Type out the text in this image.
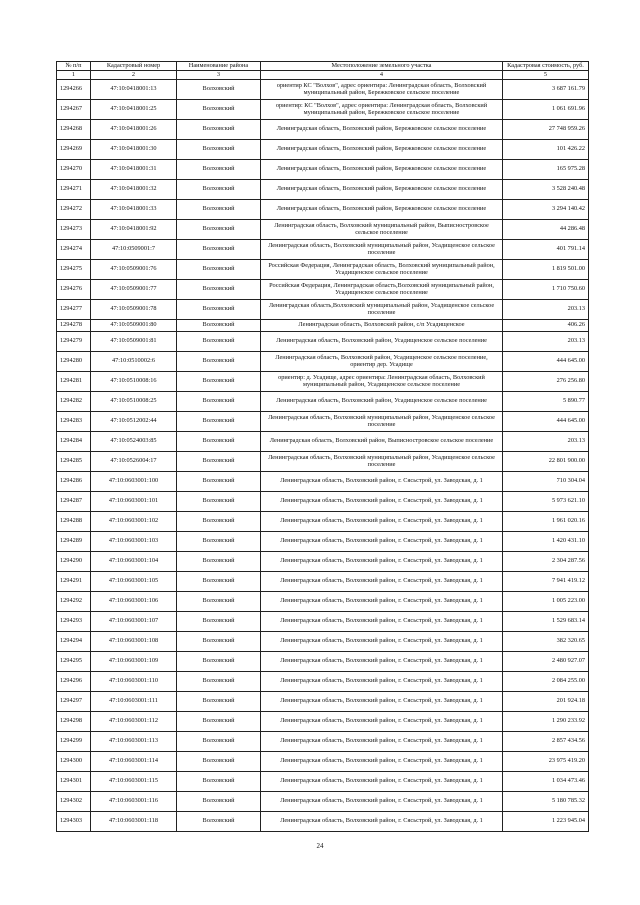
№ п/п	Кадастровый номер	Наименование района	Местоположение земельного участка	Кадастровая стоимость, руб.
1	2	3	4	5
1294266	47:10:0418001:13	Волховский	ориентир КС "Волхов", адрес ориентира: Ленинградская область, Волховский муниципальный район, Бережковское сельское поселение	3 687 161.79
1294267	47:10:0418001:25	Волховский	ориентир: КС "Волхов", адрес ориентира: Ленинградская область, Волховский муниципальный район, Бережковское сельское поселение	1 061 691.96
1294268	47:10:0418001:26	Волховский	Ленинградская область, Волховский район, Бережковское сельское поселение	27 748 959.26
1294269	47:10:0418001:30	Волховский	Ленинградская область, Волховский район, Бережковское сельское поселение	101 426.22
1294270	47:10:0418001:31	Волховский	Ленинградская область, Волховский район, Бережковское сельское поселение	165 975.28
1294271	47:10:0418001:32	Волховский	Ленинградская область, Волховский район, Бережковское сельское поселение	3 528 240.48
1294272	47:10:0418001:33	Волховский	Ленинградская область, Волховский район, Бережковское сельское поселение	3 294 140.42
1294273	47:10:0418001:92	Волховский	Ленинградская область, Волховский муниципальный район, Выписностровское сельское поселение	44 286.48
1294274	47:10:0509001:7	Волховский	Ленинградская область, Волховский муниципальный район, Усадищенское сельское поселение	401 791.14
1294275	47:10:0509001:76	Волховский	Российская Федерация, Ленинградская область, Волховский муниципальный район, Усадищенское сельское поселение	1 819 501.00
1294276	47:10:0509001:77	Волховский	Российская Федерация, Ленинградская область,Волховский муниципальный район, Усадищенское сельское поселение	1 710 750.60
1294277	47:10:0509001:78	Волховский	Ленинградская область,Волховский муниципальный район, Усадищенское сельское поселение	203.13
1294278	47:10:0509001:80	Волховский	Ленинградская область, Волховский район, с/п Усадищенское	406.26
1294279	47:10:0509001:81	Волховский	Ленинградская область, Волховский район, Усадищенское сельское поселение	203.13
1294280	47:10:0510002:6	Волховский	Ленинградская область, Волховский район, Усадищенское сельское поселение, ориентир дер. Усадище	444 645.00
1294281	47:10:0510008:16	Волховский	ориентир: д. Усадище, адрес ориентира: Ленинградская область, Волховский муниципальный район, Усадищенское сельское поселение	276 256.80
1294282	47:10:0510008:25	Волховский	Ленинградская область, Волховский район, Усадищенское сельское поселение	5 890.77
1294283	47:10:0512002:44	Волховский	Ленинградская область, Волховский муниципальный район, Усадищенское сельское поселение	444 645.00
1294284	47:10:0524003:85	Волховский	Ленинградская область, Волховский район, Выписностровское сельское поселение	203.13
1294285	47:10:0526004:17	Волховский	Ленинградская область, Волховский муниципальный район, Усадищенское сельское поселение	22 801 900.00
1294286	47:10:0603001:100	Волховский	Ленинградская область, Волховский район, г. Сясьстрой, ул. Заводская, д. 1	710 304.04
1294287	47:10:0603001:101	Волховский	Ленинградская область, Волховский район, г. Сясьстрой, ул. Заводская, д. 1	5 973 621.10
1294288	47:10:0603001:102	Волховский	Ленинградская область, Волховский район, г. Сясьстрой, ул. Заводская, д. 1	1 961 020.16
1294289	47:10:0603001:103	Волховский	Ленинградская область, Волховский район, г. Сясьстрой, ул. Заводская, д. 1	1 420 431.10
1294290	47:10:0603001:104	Волховский	Ленинградская область, Волховский район, г. Сясьстрой, ул. Заводская, д. 1	2 304 287.56
1294291	47:10:0603001:105	Волховский	Ленинградская область, Волховский район, г. Сясьстрой, ул. Заводская, д. 1	7 941 419.12
1294292	47:10:0603001:106	Волховский	Ленинградская область, Волховский район, г. Сясьстрой, ул. Заводская, д. 1	1 005 223.00
1294293	47:10:0603001:107	Волховский	Ленинградская область, Волховский район, г. Сясьстрой, ул. Заводская, д. 1	1 529 683.14
1294294	47:10:0603001:108	Волховский	Ленинградская область, Волховский район, г. Сясьстрой, ул. Заводская, д. 1	382 320.65
1294295	47:10:0603001:109	Волховский	Ленинградская область, Волховский район, г. Сясьстрой, ул. Заводская, д. 1	2 480 927.07
1294296	47:10:0603001:110	Волховский	Ленинградская область, Волховский район, г. Сясьстрой, ул. Заводская, д. 1	2 084 255.00
1294297	47:10:0603001:111	Волховский	Ленинградская область, Волховский район, г. Сясьстрой, ул. Заводская, д. 1	201 924.18
1294298	47:10:0603001:112	Волховский	Ленинградская область, Волховский район, г. Сясьстрой, ул. Заводская, д. 1	1 290 233.92
1294299	47:10:0603001:113	Волховский	Ленинградская область, Волховский район, г. Сясьстрой, ул. Заводская, д. 1	2 857 434.56
1294300	47:10:0603001:114	Волховский	Ленинградская область, Волховский район, г. Сясьстрой, ул. Заводская, д. 1	23 975 419.20
1294301	47:10:0603001:115	Волховский	Ленинградская область, Волховский район, г. Сясьстрой, ул. Заводская, д. 1	1 034 473.46
1294302	47:10:0603001:116	Волховский	Ленинградская область, Волховский район, г. Сясьстрой, ул. Заводская, д. 1	5 180 785.32
1294303	47:10:0603001:118	Волховский	Ленинградская область, Волховский район, г. Сясьстрой, ул. Заводская, д. 1	1 223 945.04
24
